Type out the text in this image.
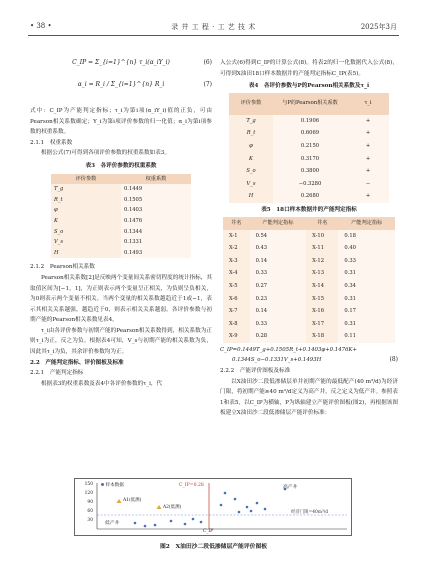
• 38 •	录 井 工 程 · 工 艺 技 术	2025年3月
C_IP = Σ_{i=1}^{n} τ_i(α_iY_i)	(6)
α_i = R_i / Σ_{i=1}^{n} R_i	(7)

式中：C_IP为产能判定指标；τ_i为第i项(α_iY_i)值的正负，可由Pearson相关系数确定；Y_i为第i项评价参数的归一化值；α_i为第i项参数的权重系数。

2.1.1　权重系数

根据公式(7)可得到各项评价参数的权重系数如表3。

表3　各评价参数的权重系数

评价参数	权重系数
T_g	0.1449
R_t	0.1505
φ	0.1403
K	0.1476
S_o	0.1344
V_s	0.1331
H	0.1493

2.1.2　Pearson相关系数

Pearson相关系数[2]是反映两个变量间关系密切程度的统计指标，其取值区间为[−1，1]，为正则表示两个变量呈正相关，为负则呈负相关，为0则表示两个变量不相关。当两个变量的相关系数越趋近于1或−1，表示其相关关系越强，越趋近于0，则表示相关关系越弱。各评价参数与初期产能的Pearson相关系数见表4。

τ_i由各评价参数与初期产能的Pearson相关系数得到，相关系数为正则τ_i为正，反之为负。根据表4可知，V_s与初期产能的相关系数为负，因此其τ_i为负，其余评价参数均为正。

2.2　产能判定指标、评价图板及标准

2.2.1　产能判定指标

根据表3的权重系数及表4中各评价参数的τ_i，代

入公式(6)得到C_IP的计算公式(8)。将表2的归一化数据代入公式(8)，可得到X油田18口样本数据井的产能判定指标C_IP(表5)。

表4　各评价参数与P的Pearson相关系数及τ_i

评价参数	与P的Pearson相关系数	τ_i
T_g	0.1906	+
R_t	0.6069	+
φ	0.2150	+
K	0.3170	+
S_o	0.3800	+
V_s	−0.3280	−
H	0.2680	+

表5　18口样本数据井的产能判定指标

井名	产能判定指标	井名	产能判定指标
X-1	0.54	X-10	0.18
X-2	0.43	X-11	0.40
X-3	0.14	X-12	0.33
X-4	0.33	X-13	0.31
X-5	0.27	X-14	0.34
X-6	0.23	X-15	0.31
X-7	0.14	X-16	0.17
X-8	0.33	X-17	0.31
X-9	0.28	X-18	0.11
C_IP=0.1449T_g+0.1505R_t+0.1403φ+0.1476K+
0.1344S_o−0.1331V_s+0.1493H	(8)

2.2.2　产能评价图板及标准

以X油田沙二段低渗储层单井初期产能的最低配产(40 m³/d)为经济门限，将初期产能≥40 m³/d定义为高产井，反之定义为低产井。参照表1和表5，以C_IP为横轴，P为纵轴建立产能评价图板(图2)，再根据该图板建立X油田沙二段低渗储层产能评价标准：

150
120
90
60
30
样本数据	C_IP=0.28	高产井
低产井
经济门限=40m³/d
A1(低测)
A2(低测)
C_IP
图2　X油田沙二段低渗储层产能评价图板
